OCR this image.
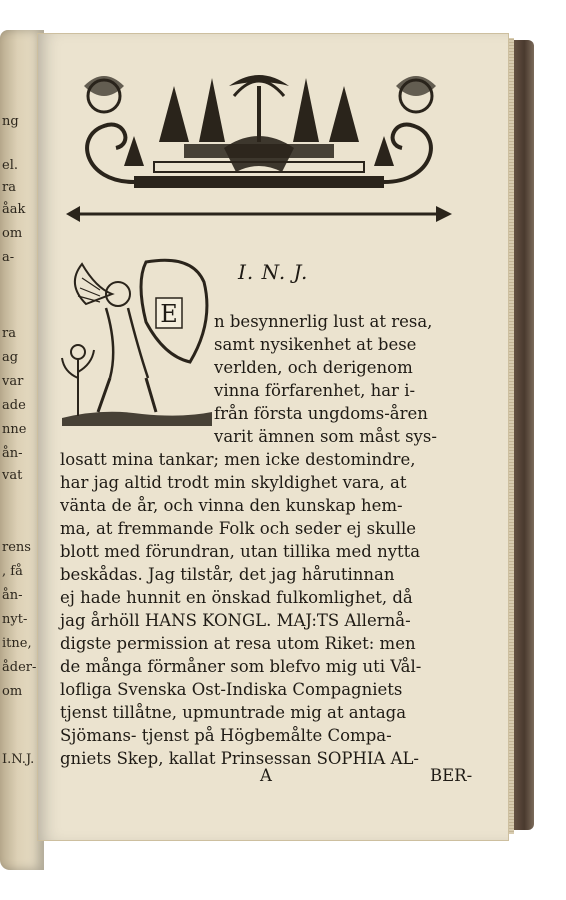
ng
el.
ra
åak
om
a-
ra
ag
var
ade
nne
ån-
vat
rens
, få
ån-
nyt-
itne,
åder-
om
I.N.J.
I. N. J.
E n besynnerlig lust at resa,
samt nysikenhet at bese
verlden, och derigenom
vinna förfarenhet, har i-
från första ungdoms-åren
varit ämnen som måst sys-
losatt mina tankar; men icke destomindre,
har jag altid trodt min skyldighet vara, at
vänta de år, och vinna den kunskap hem-
ma, at fremmande Folk och seder ej skulle
blott med förundran, utan tillika med nytta
beskådas. Jag tilstår, det jag hårutinnan
ej hade hunnit en önskad fulkomlighet, då
jag århöll HANS KONGL. MAJ:TS Allernå-
digste permission at resa utom Riket: men
de många förmåner som blefvo mig uti Vål-
lofliga Svenska Ost-Indiska Compagniets
tjenst tillåtne, upmuntrade mig at antaga
Sjömans- tjenst på Högbemålte Compa-
gniets Skep, kallat Prinsessan SOPHIA AL-
A	BER-
